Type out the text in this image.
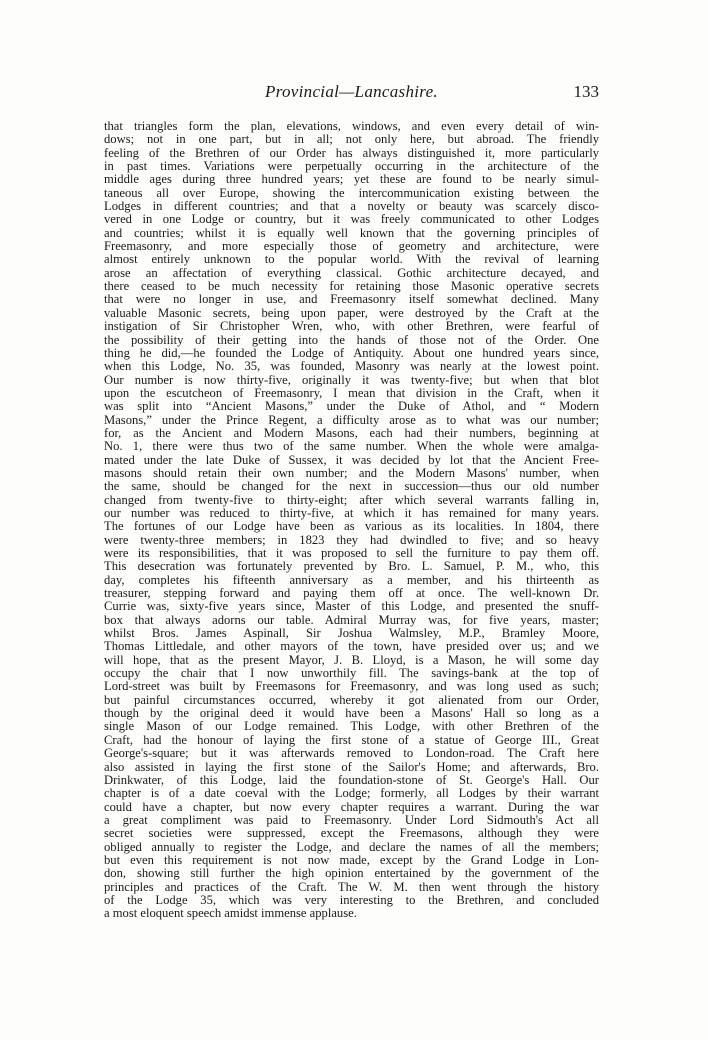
Provincial—Lancashire.	133
that triangles form the plan, elevations, windows, and even every detail of win-
dows; not in one part, but in all; not only here, but abroad. The friendly
feeling of the Brethren of our Order has always distinguished it, more particularly
in past times. Variations were perpetually occurring in the architecture of the
middle ages during three hundred years; yet these are found to be nearly simul-
taneous all over Europe, showing the intercommunication existing between the
Lodges in different countries; and that a novelty or beauty was scarcely disco-
vered in one Lodge or country, but it was freely communicated to other Lodges
and countries; whilst it is equally well known that the governing principles of
Freemasonry, and more especially those of geometry and architecture, were
almost entirely unknown to the popular world. With the revival of learning
arose an affectation of everything classical. Gothic architecture decayed, and
there ceased to be much necessity for retaining those Masonic operative secrets
that were no longer in use, and Freemasonry itself somewhat declined. Many
valuable Masonic secrets, being upon paper, were destroyed by the Craft at the
instigation of Sir Christopher Wren, who, with other Brethren, were fearful of
the possibility of their getting into the hands of those not of the Order. One
thing he did,—he founded the Lodge of Antiquity. About one hundred years since,
when this Lodge, No. 35, was founded, Masonry was nearly at the lowest point.
Our number is now thirty-five, originally it was twenty-five; but when that blot
upon the escutcheon of Freemasonry, I mean that division in the Craft, when it
was split into “Ancient Masons,” under the Duke of Athol, and “ Modern
Masons,” under the Prince Regent, a difficulty arose as to what was our number;
for, as the Ancient and Modern Masons, each had their numbers, beginning at
No. 1, there were thus two of the same number. When the whole were amalga-
mated under the late Duke of Sussex, it was decided by lot that the Ancient Free-
masons should retain their own number; and the Modern Masons' number, when
the same, should be changed for the next in succession—thus our old number
changed from twenty-five to thirty-eight; after which several warrants falling in,
our number was reduced to thirty-five, at which it has remained for many years.
The fortunes of our Lodge have been as various as its localities. In 1804, there
were twenty-three members; in 1823 they had dwindled to five; and so heavy
were its responsibilities, that it was proposed to sell the furniture to pay them off.
This desecration was fortunately prevented by Bro. L. Samuel, P. M., who, this
day, completes his fifteenth anniversary as a member, and his thirteenth as
treasurer, stepping forward and paying them off at once. The well-known Dr.
Currie was, sixty-five years since, Master of this Lodge, and presented the snuff-
box that always adorns our table. Admiral Murray was, for five years, master;
whilst Bros. James Aspinall, Sir Joshua Walmsley, M.P., Bramley Moore,
Thomas Littledale, and other mayors of the town, have presided over us; and we
will hope, that as the present Mayor, J. B. Lloyd, is a Mason, he will some day
occupy the chair that I now unworthily fill. The savings-bank at the top of
Lord-street was built by Freemasons for Freemasonry, and was long used as such;
but painful circumstances occurred, whereby it got alienated from our Order,
though by the original deed it would have been a Masons' Hall so long as a
single Mason of our Lodge remained. This Lodge, with other Brethren of the
Craft, had the honour of laying the first stone of a statue of George III., Great
George's-square; but it was afterwards removed to London-road. The Craft here
also assisted in laying the first stone of the Sailor's Home; and afterwards, Bro.
Drinkwater, of this Lodge, laid the foundation-stone of St. George's Hall. Our
chapter is of a date coeval with the Lodge; formerly, all Lodges by their warrant
could have a chapter, but now every chapter requires a warrant. During the war
a great compliment was paid to Freemasonry. Under Lord Sidmouth's Act all
secret societies were suppressed, except the Freemasons, although they were
obliged annually to register the Lodge, and declare the names of all the members;
but even this requirement is not now made, except by the Grand Lodge in Lon-
don, showing still further the high opinion entertained by the government of the
principles and practices of the Craft. The W. M. then went through the history
of the Lodge 35, which was very interesting to the Brethren, and concluded
a most eloquent speech amidst immense applause.
